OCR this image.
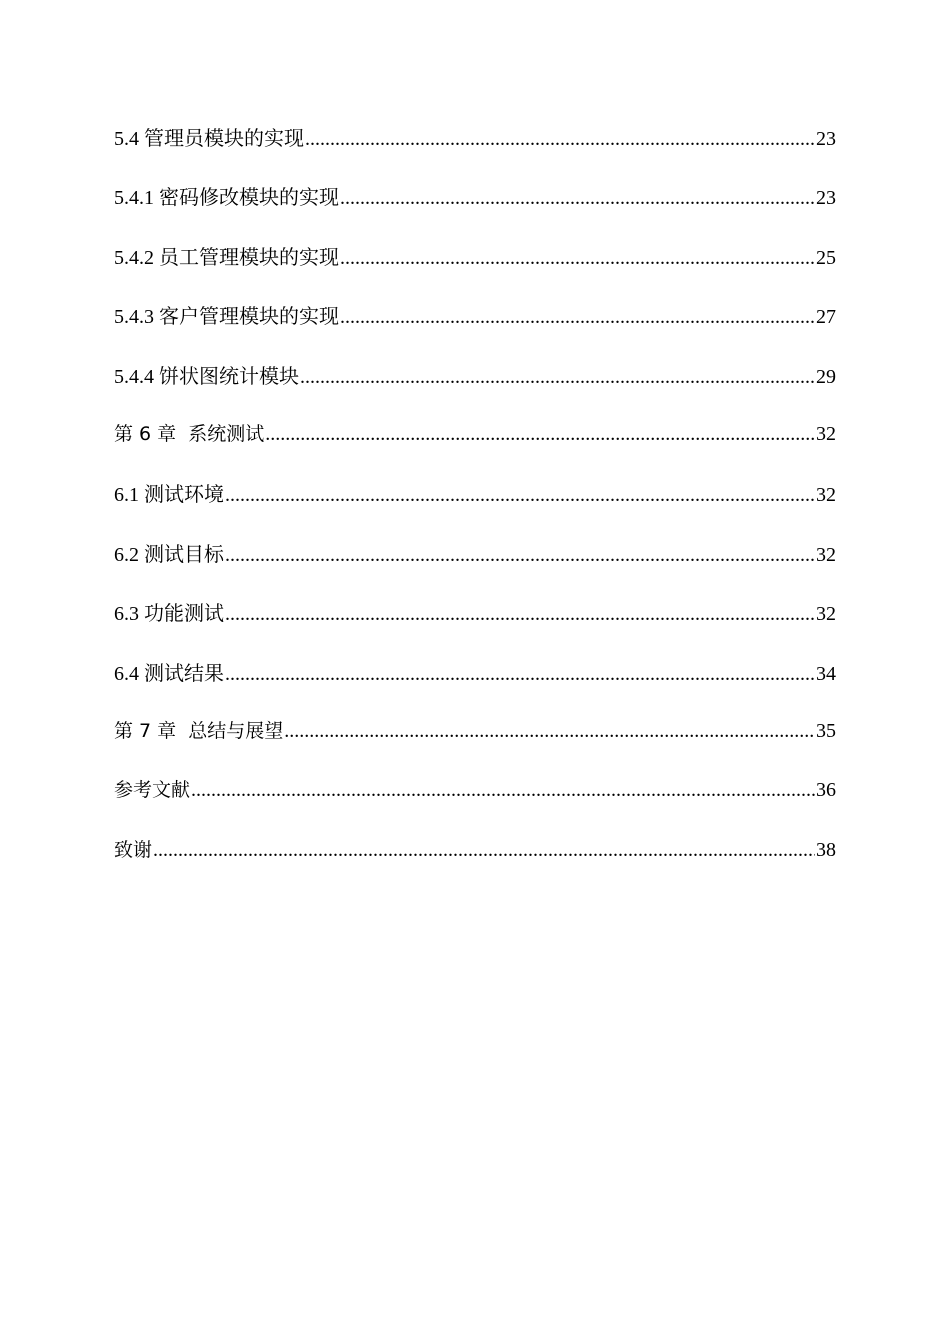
5.4 管理员模块的实现 .....	23
5.4.1 密码修改模块的实现 .....	23
5.4.2 员工管理模块的实现 .....	25
5.4.3 客户管理模块的实现 .....	27
5.4.4 饼状图统计模块 .....	29
第 6 章  系统测试 .....	32
6.1 测试环境 .....	32
6.2 测试目标 .....	32
6.3 功能测试 .....	32
6.4 测试结果 .....	34
第 7 章  总结与展望 .....	35
参考文献 .....	36
致谢 .....	38
